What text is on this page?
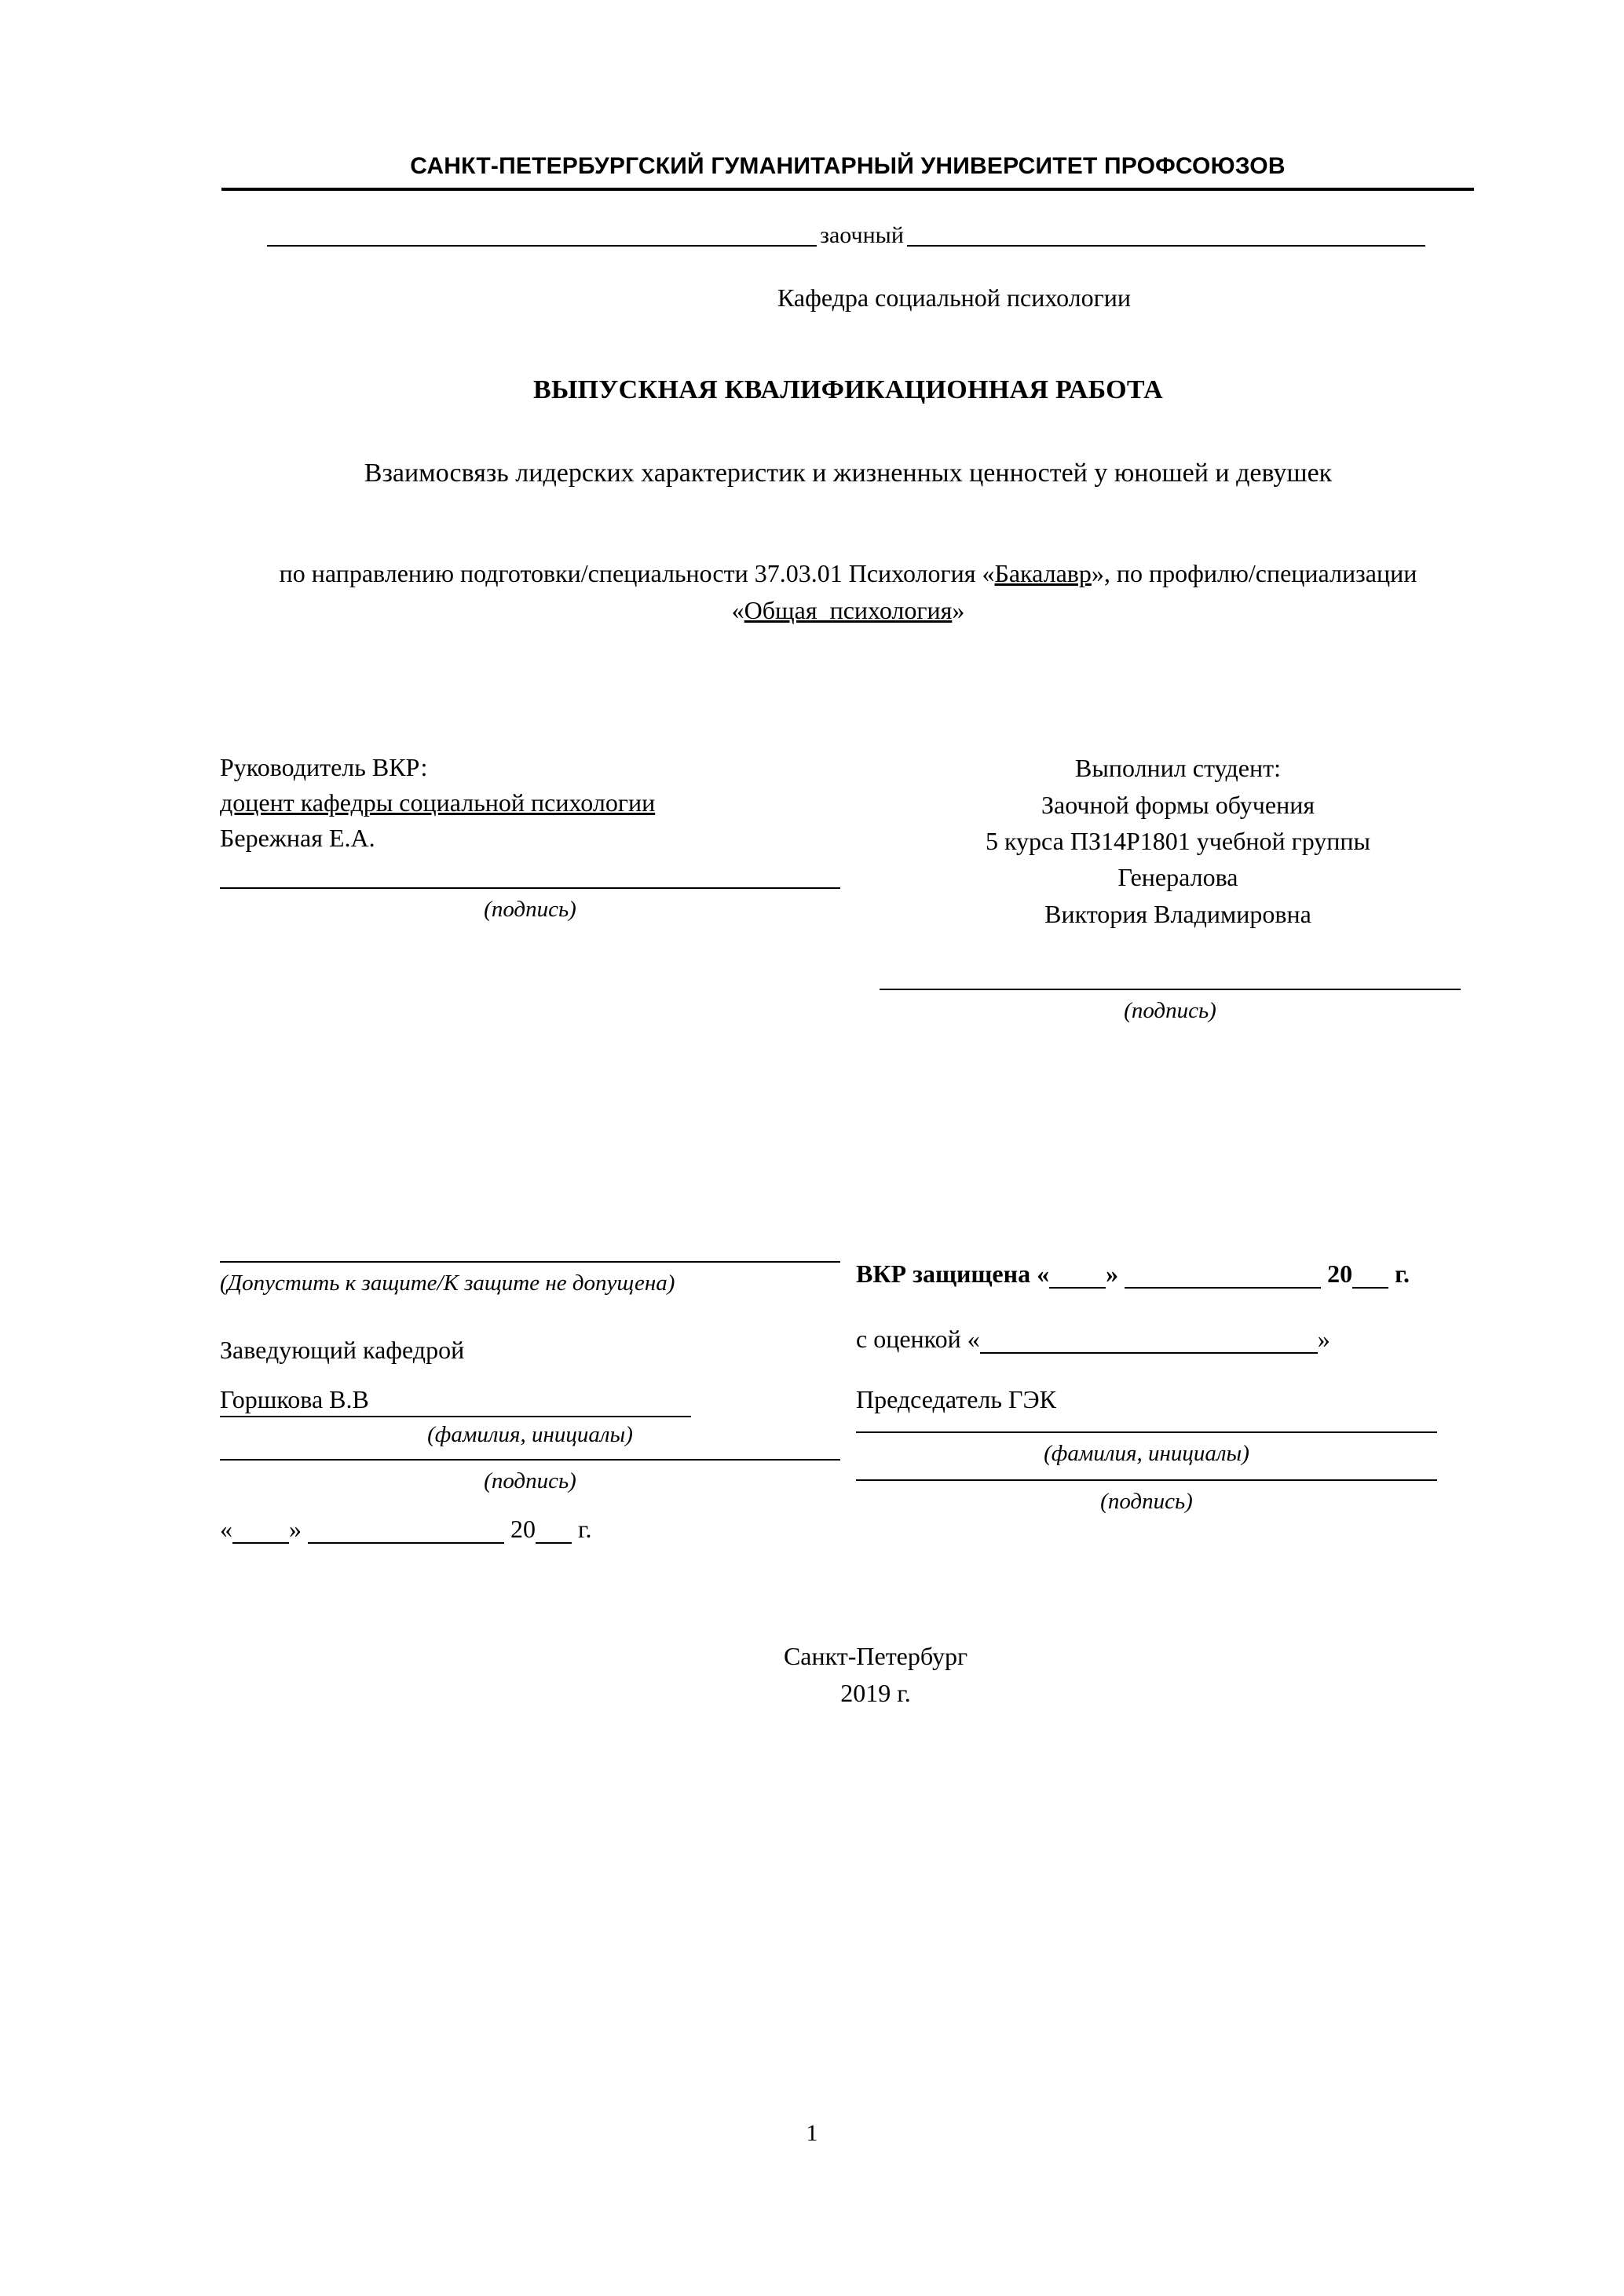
САНКТ-ПЕТЕРБУРГСКИЙ ГУМАНИТАРНЫЙ УНИВЕРСИТЕТ ПРОФСОЮЗОВ
заочный
Кафедра социальной психологии
ВЫПУСКНАЯ КВАЛИФИКАЦИОННАЯ РАБОТА
Взаимосвязь лидерских характеристик и жизненных ценностей у юношей и девушек
по направлению подготовки/специальности 37.03.01 Психология «Бакалавр», по профилю/специализации «Общая_психология»
Руководитель ВКР:
доцент кафедры социальной психологии
Бережная Е.А.
(подпись)
Выполнил студент:
Заочной формы обучения
5 курса ПЗ14Р1801 учебной группы
Генералова
Виктория Владимировна
(подпись)
(Допустить к защите/К защите не допущена)
Заведующий кафедрой
Горшкова В.В
(фамилия, инициалы)
(подпись)
« »	20 г.
ВКР защищена « »	20 г.
с оценкой «	»
Председатель ГЭК
(фамилия, инициалы)
(подпись)
Санкт-Петербург
2019 г.
1
